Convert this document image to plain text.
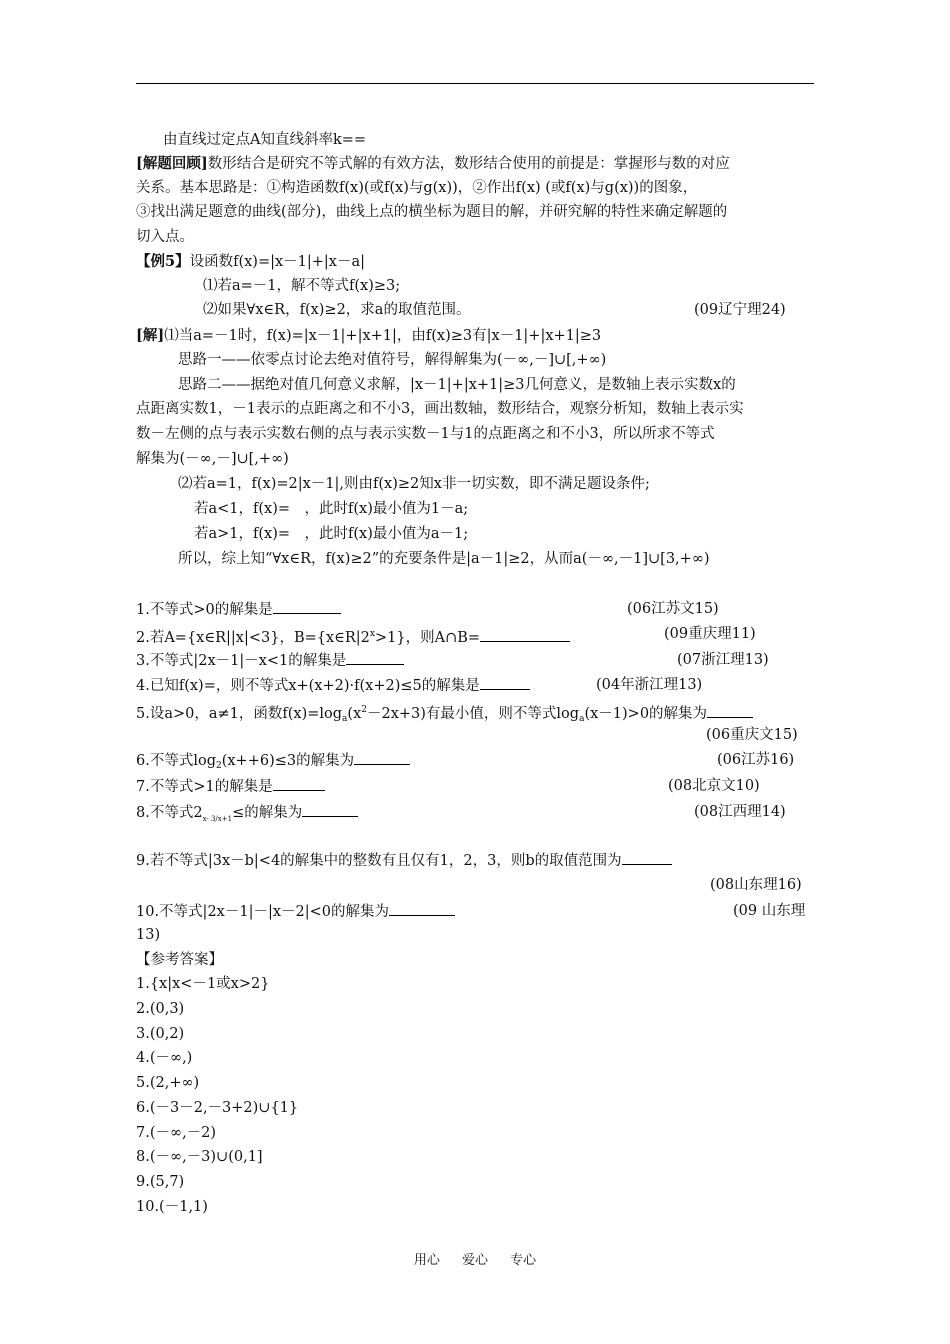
由直线过定点A知直线斜率k==
[解题回顾]数形结合是研究不等式解的有效方法，数形结合使用的前提是：掌握形与数的对应
关系。基本思路是：①构造函数f(x)(或f(x)与g(x))，②作出f(x) (或f(x)与g(x))的图象，
③找出满足题意的曲线(部分)，曲线上点的横坐标为题目的解，并研究解的特性来确定解题的
切入点。
【例5】设函数f(x)=|x－1|+|x－a|
⑴若a=－1，解不等式f(x)≥3;
⑵如果∀x∈R，f(x)≥2，求a的取值范围。	(09辽宁理24)
[解]⑴当a=－1时，f(x)=|x－1|+|x+1|，由f(x)≥3有|x－1|+|x+1|≥3
思路一——依零点讨论去绝对值符号，解得解集为(－∞,－]∪[,+∞)
思路二——据绝对值几何意义求解，|x－1|+|x+1|≥3几何意义，是数轴上表示实数x的
点距离实数1，－1表示的点距离之和不小3，画出数轴，数形结合，观察分析知，数轴上表示实
数－左侧的点与表示实数右侧的点与表示实数－1与1的点距离之和不小3，所以所求不等式
解集为(－∞,－]∪[,+∞)
⑵若a=1，f(x)=2|x－1|,则由f(x)≥2知x非一切实数，即不满足题设条件;
若a<1，f(x)=　，此时f(x)最小值为1－a;
若a>1，f(x)=　，此时f(x)最小值为a－1;
所以，综上知“∀x∈R，f(x)≥2”的充要条件是|a－1|≥2，从而a(－∞,－1]∪[3,+∞)
1.不等式>0的解集是	(06江苏文15)
2.若A={x∈R||x|<3}，$B=\{x\in R|2^x>1\}$，则A∩B=	(09重庆理11)
3.不等式|2x－1|－x<1的解集是	(07浙江理13)
4.已知f(x)=，则不等式x+(x+2)·f(x+2)≤5的解集是	(04年浙江理13)
5.设a>0，a≠1，函数$f(x)=\log_a(x^2-2x+3)$有最小值，则不等式$\log_a(x-1)>0$的解集为
(06重庆文15)
6.不等式$\log_2(x++6)\le 3$的解集为	(06江苏16)
7.不等式>1的解集是	(08北京文10)
8.不等式$2_{x- 3/x+1}\le$的解集为	(08江西理14)
9.若不等式|3x－b|<4的解集中的整数有且仅有1，2，3，则b的取值范围为
(08山东理16)
10.不等式|2x－1|－|x－2|<0的解集为	(09 山东理
13)
【参考答案】
1.{x|x<－1或x>2}
2.(0,3)
3.(0,2)
4.(－∞,)
5.(2,+∞)
6.(－3－2,－3+2)∪{1}
7.(－∞,－2)
8.(－∞,－3)∪(0,1]
9.(5,7)
10.(－1,1)
用心 爱心 专心
